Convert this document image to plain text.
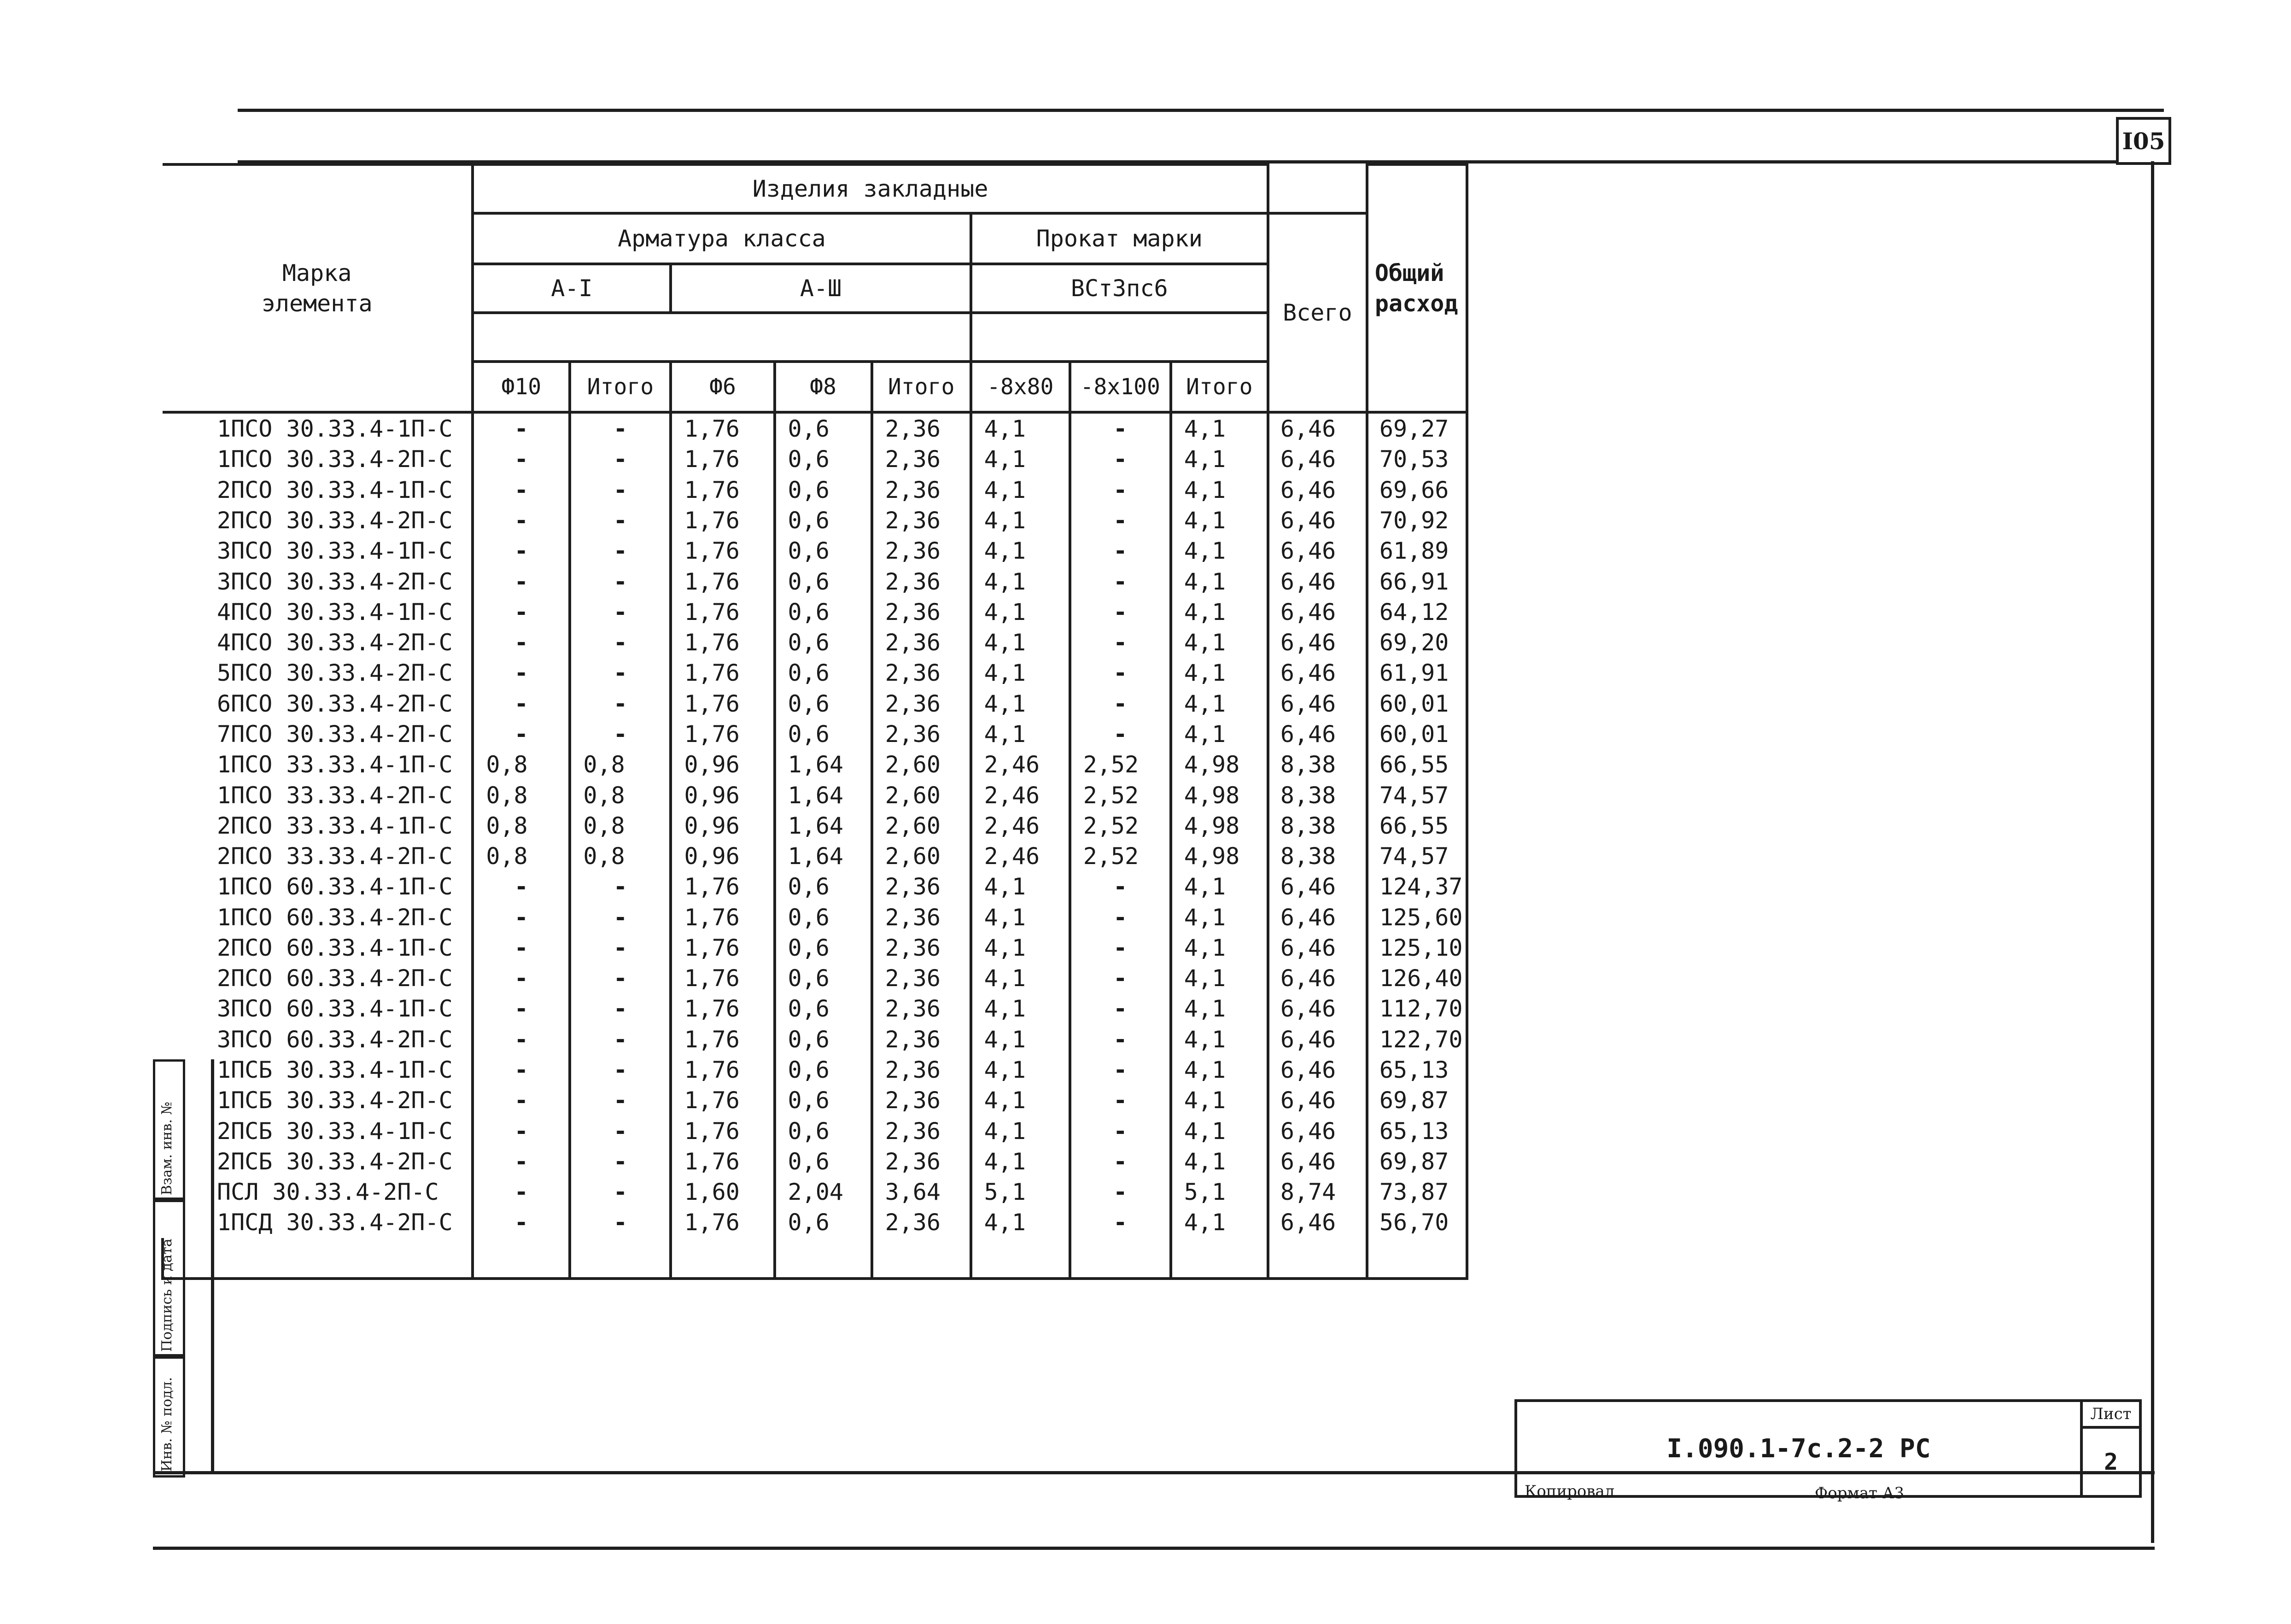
I05
Марка
элемента	Изделия закладные									Общий
расход
	Арматура класса					Прокат марки			Всего	
	А-I		А-Ш			ВСт3пс6				

	Ф10	Итого	Ф6	Ф8	Итого	-8х80	-8х100	Итого		
1ПСО 30.33.4-1П-С	-	-	1,76	0,6	2,36	4,1	-	4,1	6,46	69,27
1ПСО 30.33.4-2П-С	-	-	1,76	0,6	2,36	4,1	-	4,1	6,46	70,53
2ПСО 30.33.4-1П-С	-	-	1,76	0,6	2,36	4,1	-	4,1	6,46	69,66
2ПСО 30.33.4-2П-С	-	-	1,76	0,6	2,36	4,1	-	4,1	6,46	70,92
3ПСО 30.33.4-1П-С	-	-	1,76	0,6	2,36	4,1	-	4,1	6,46	61,89
3ПСО 30.33.4-2П-С	-	-	1,76	0,6	2,36	4,1	-	4,1	6,46	66,91
4ПСО 30.33.4-1П-С	-	-	1,76	0,6	2,36	4,1	-	4,1	6,46	64,12
4ПСО 30.33.4-2П-С	-	-	1,76	0,6	2,36	4,1	-	4,1	6,46	69,20
5ПСО 30.33.4-2П-С	-	-	1,76	0,6	2,36	4,1	-	4,1	6,46	61,91
6ПСО 30.33.4-2П-С	-	-	1,76	0,6	2,36	4,1	-	4,1	6,46	60,01
7ПСО 30.33.4-2П-С	-	-	1,76	0,6	2,36	4,1	-	4,1	6,46	60,01
1ПСО 33.33.4-1П-С	0,8	0,8	0,96	1,64	2,60	2,46	2,52	4,98	8,38	66,55
1ПСО 33.33.4-2П-С	0,8	0,8	0,96	1,64	2,60	2,46	2,52	4,98	8,38	74,57
2ПСО 33.33.4-1П-С	0,8	0,8	0,96	1,64	2,60	2,46	2,52	4,98	8,38	66,55
2ПСО 33.33.4-2П-С	0,8	0,8	0,96	1,64	2,60	2,46	2,52	4,98	8,38	74,57
1ПСО 60.33.4-1П-С	-	-	1,76	0,6	2,36	4,1	-	4,1	6,46	124,37
1ПСО 60.33.4-2П-С	-	-	1,76	0,6	2,36	4,1	-	4,1	6,46	125,60
2ПСО 60.33.4-1П-С	-	-	1,76	0,6	2,36	4,1	-	4,1	6,46	125,10
2ПСО 60.33.4-2П-С	-	-	1,76	0,6	2,36	4,1	-	4,1	6,46	126,40
3ПСО 60.33.4-1П-С	-	-	1,76	0,6	2,36	4,1	-	4,1	6,46	112,70
3ПСО 60.33.4-2П-С	-	-	1,76	0,6	2,36	4,1	-	4,1	6,46	122,70
1ПСБ 30.33.4-1П-С	-	-	1,76	0,6	2,36	4,1	-	4,1	6,46	65,13
1ПСБ 30.33.4-2П-С	-	-	1,76	0,6	2,36	4,1	-	4,1	6,46	69,87
2ПСБ 30.33.4-1П-С	-	-	1,76	0,6	2,36	4,1	-	4,1	6,46	65,13
2ПСБ 30.33.4-2П-С	-	-	1,76	0,6	2,36	4,1	-	4,1	6,46	69,87
ПСЛ 30.33.4-2П-С	-	-	1,60	2,04	3,64	5,1	-	5,1	8,74	73,87
1ПСД 30.33.4-2П-С	-	-	1,76	0,6	2,36	4,1	-	4,1	6,46	56,70

Взам. инв. №
Подпись и дата
Инв. № подл.	I.090.1-7с.2-2 РС
Лист
2
Копировал	Формат А3
